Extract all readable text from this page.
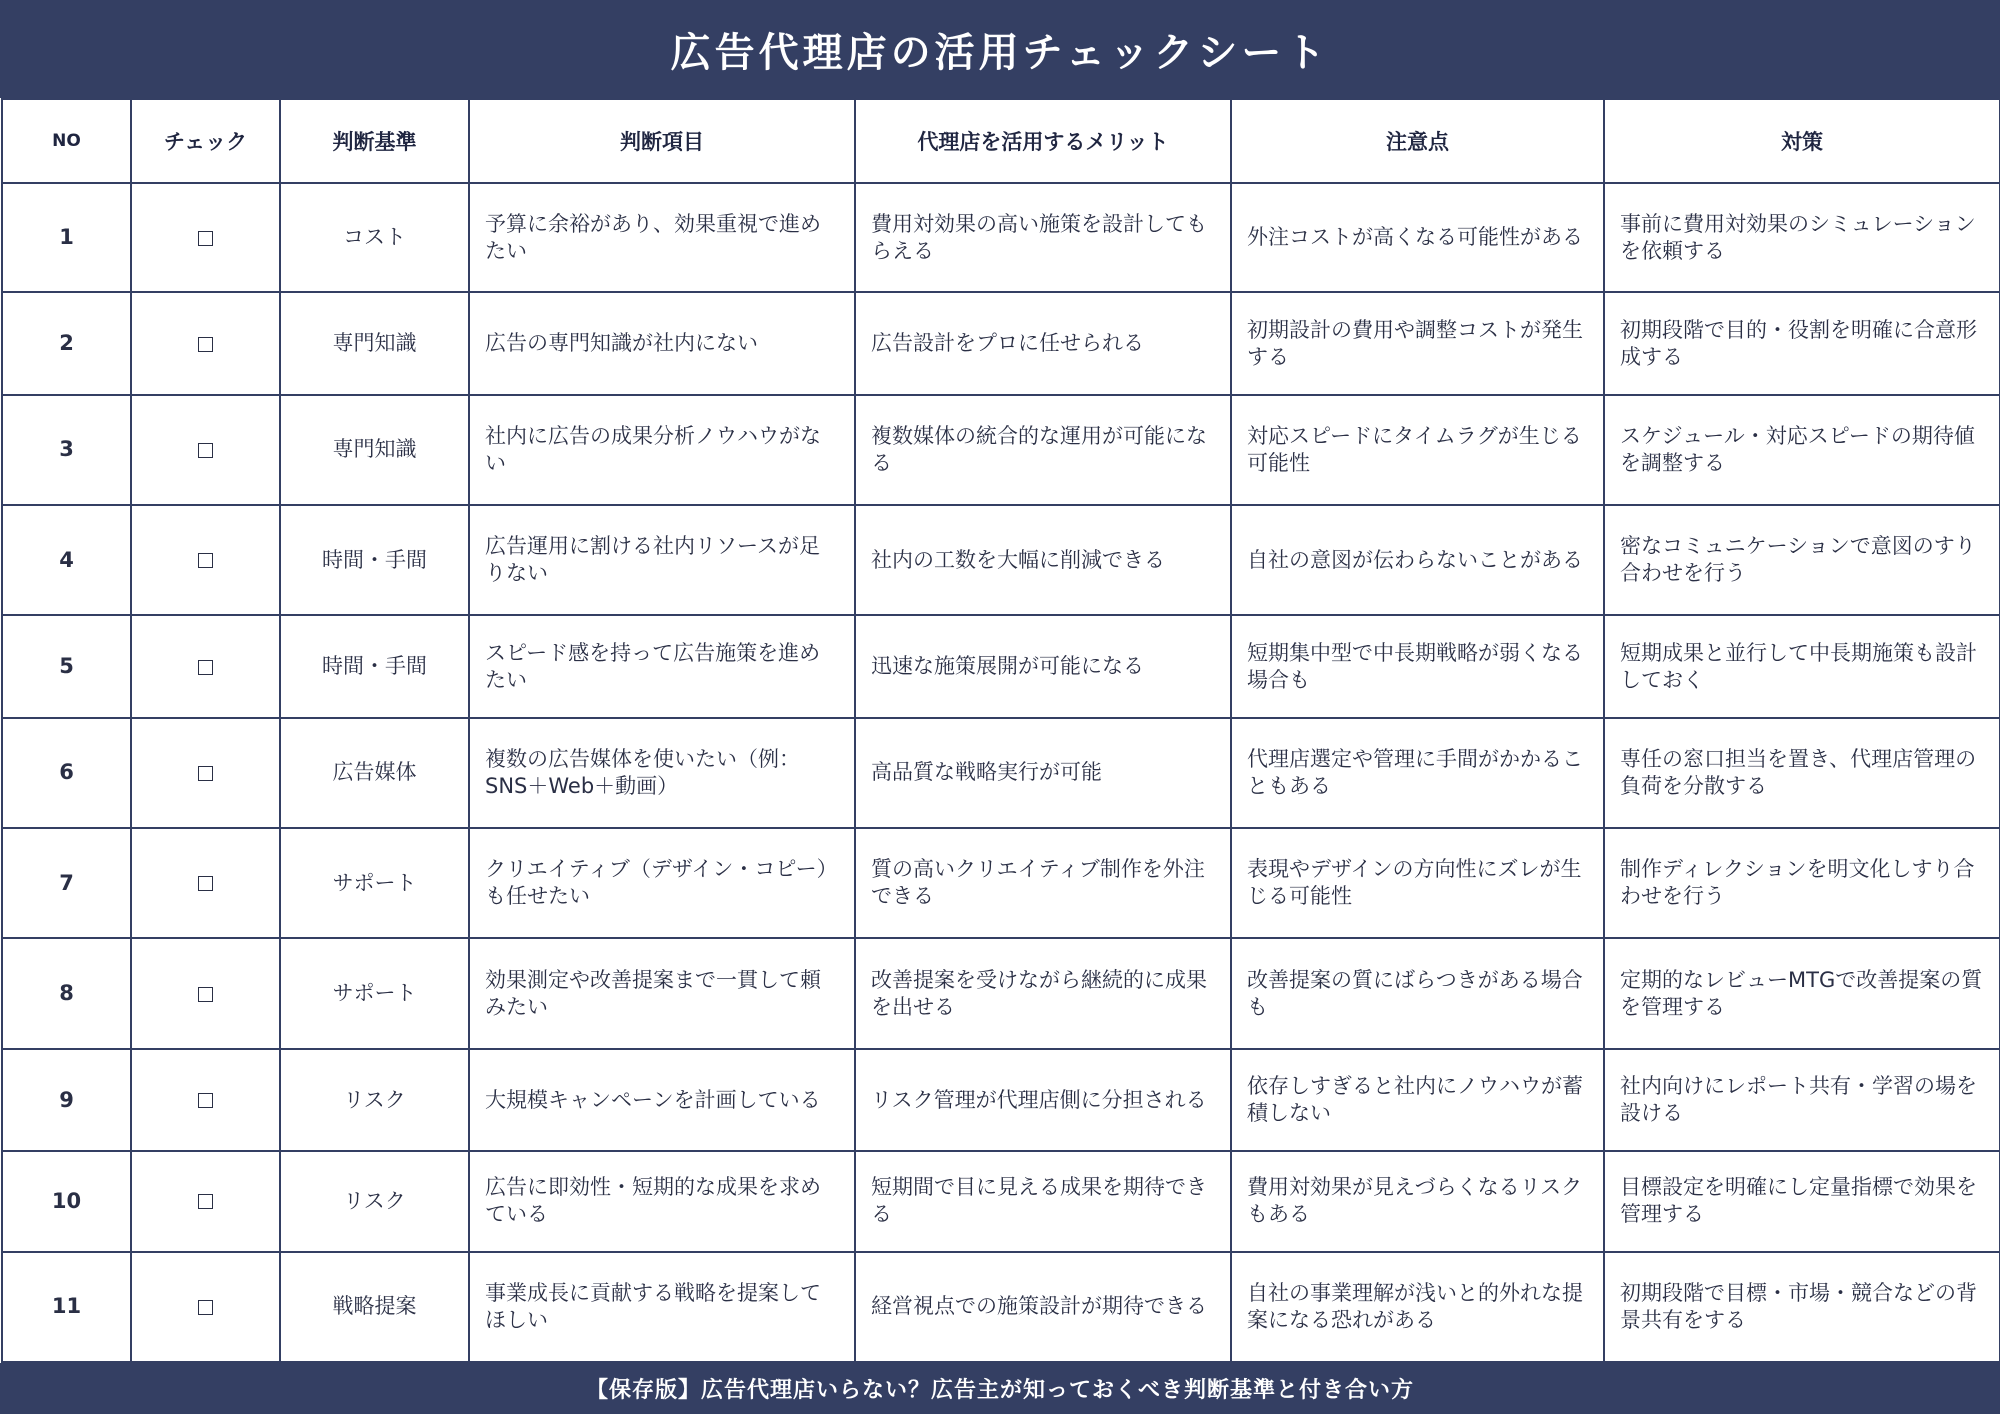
広告代理店の活用チェックシート
NO	チェック	判断基準	判断項目	代理店を活用するメリット	注意点	対策
1		コスト	予算に余裕があり、効果重視で進めたい	費用対効果の高い施策を設計してもらえる	外注コストが高くなる可能性がある	事前に費用対効果のシミュレーションを依頼する
2		専門知識	広告の専門知識が社内にない	広告設計をプロに任せられる	初期設計の費用や調整コストが発生する	初期段階で目的・役割を明確に合意形成する
3		専門知識	社内に広告の成果分析ノウハウがない	複数媒体の統合的な運用が可能になる	対応スピードにタイムラグが生じる可能性	スケジュール・対応スピードの期待値を調整する
4		時間・手間	広告運用に割ける社内リソースが足りない	社内の工数を大幅に削減できる	自社の意図が伝わらないことがある	密なコミュニケーションで意図のすり合わせを行う
5		時間・手間	スピード感を持って広告施策を進めたい	迅速な施策展開が可能になる	短期集中型で中長期戦略が弱くなる場合も	短期成果と並行して中長期施策も設計しておく
6		広告媒体	複数の広告媒体を使いたい（例：SNS＋Web＋動画）	高品質な戦略実行が可能	代理店選定や管理に手間がかかることもある	専任の窓口担当を置き、代理店管理の負荷を分散する
7		サポート	クリエイティブ（デザイン・コピー）も任せたい	質の高いクリエイティブ制作を外注できる	表現やデザインの方向性にズレが生じる可能性	制作ディレクションを明文化しすり合わせを行う
8		サポート	効果測定や改善提案まで一貫して頼みたい	改善提案を受けながら継続的に成果を出せる	改善提案の質にばらつきがある場合も	定期的なレビューMTGで改善提案の質を管理する
9		リスク	大規模キャンペーンを計画している	リスク管理が代理店側に分担される	依存しすぎると社内にノウハウが蓄積しない	社内向けにレポート共有・学習の場を設ける
10		リスク	広告に即効性・短期的な成果を求めている	短期間で目に見える成果を期待できる	費用対効果が見えづらくなるリスクもある	目標設定を明確にし定量指標で効果を管理する
11		戦略提案	事業成長に貢献する戦略を提案してほしい	経営視点での施策設計が期待できる	自社の事業理解が浅いと的外れな提案になる恐れがある	初期段階で目標・市場・競合などの背景共有をする
【保存版】広告代理店いらない？広告主が知っておくべき判断基準と付き合い方
